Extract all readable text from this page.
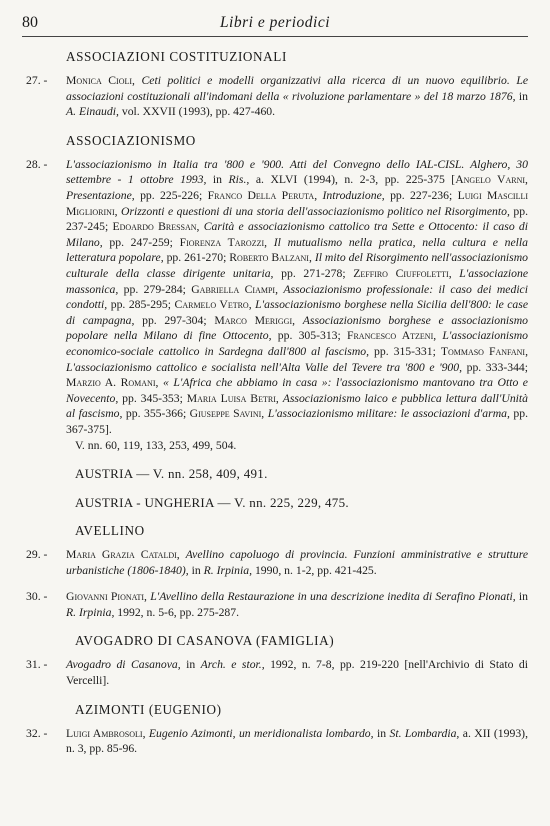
80	Libri e periodici
ASSOCIAZIONI COSTITUZIONALI
27. - Monica Cioli, Ceti politici e modelli organizzativi alla ricerca di un nuovo equilibrio. Le associazioni costituzionali all'indomani della « rivoluzione parlamentare » del 18 marzo 1876, in A. Einaudi, vol. XXVII (1993), pp. 427-460.
ASSOCIAZIONISMO
28. - L'associazionismo in Italia tra '800 e '900. Atti del Convegno dello IAL-CISL. Alghero, 30 settembre - 1 ottobre 1993, in Ris., a. XLVI (1994), n. 2-3, pp. 225-375 [Angelo Varni, Presentazione, pp. 225-226; Franco Della Peruta, Introduzione, pp. 227-236; Luigi Mascilli Migliorini, Orizzonti e questioni di una storia dell'associazionismo politico nel Risorgimento, pp. 237-245; Edoardo Bressan, Carità e associazionismo cattolico tra Sette e Ottocento: il caso di Milano, pp. 247-259; Fiorenza Tarozzi, Il mutualismo nella pratica, nella cultura e nella letteratura popolare, pp. 261-270; Roberto Balzani, Il mito del Risorgimento nell'associazionismo culturale della classe dirigente unitaria, pp. 271-278; Zeffiro Ciuffoletti, L'associazione massonica, pp. 279-284; Gabriella Ciampi, Associazionismo professionale: il caso dei medici condotti, pp. 285-295; Carmelo Vetro, L'associazionismo borghese nella Sicilia dell'800: le case di campagna, pp. 297-304; Marco Meriggi, Associazionismo borghese e associazionismo popolare nella Milano di fine Ottocento, pp. 305-313; Francesco Atzeni, L'associazionismo economico-sociale cattolico in Sardegna dall'800 al fascismo, pp. 315-331; Tommaso Fanfani, L'associazionismo cattolico e socialista nell'Alta Valle del Tevere tra '800 e '900, pp. 333-344; Marzio A. Romani, « L'Africa che abbiamo in casa »: l'associazionismo mantovano tra Otto e Novecento, pp. 345-353; Maria Luisa Betri, Associazionismo laico e pubblica lettura dall'Unità al fascismo, pp. 355-366; Giuseppe Savini, L'associazionismo militare: le associazioni d'arma, pp. 367-375].
V. nn. 60, 119, 133, 253, 499, 504.
AUSTRIA — V. nn. 258, 409, 491.
AUSTRIA - UNGHERIA — V. nn. 225, 229, 475.
AVELLINO
29. - Maria Grazia Cataldi, Avellino capoluogo di provincia. Funzioni amministrative e strutture urbanistiche (1806-1840), in R. Irpinia, 1990, n. 1-2, pp. 421-425.
30. - Giovanni Pionati, L'Avellino della Restaurazione in una descrizione inedita di Serafino Pionati, in R. Irpinia, 1992, n. 5-6, pp. 275-287.
AVOGADRO DI CASANOVA (FAMIGLIA)
31. - Avogadro di Casanova, in Arch. e stor., 1992, n. 7-8, pp. 219-220 [nell'Archivio di Stato di Vercelli].
AZIMONTI (EUGENIO)
32. - Luigi Ambrosoli, Eugenio Azimonti, un meridionalista lombardo, in St. Lombardia, a. XII (1993), n. 3, pp. 85-96.
